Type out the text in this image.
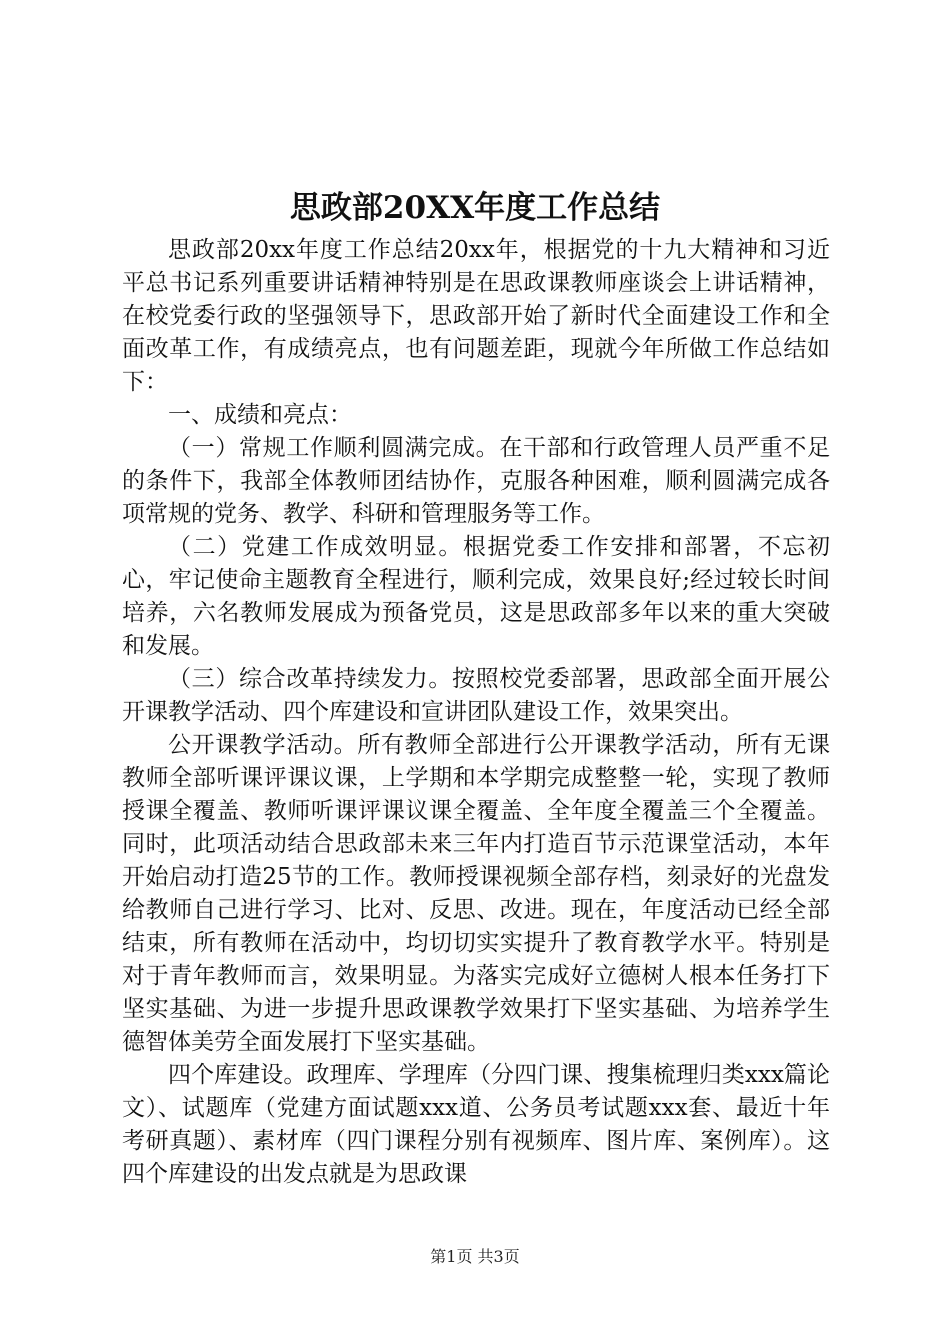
思政部20XX年度工作总结

思政部20xx年度工作总结20xx年，根据党的十九大精神和习近平总书记系列重要讲话精神特别是在思政课教师座谈会上讲话精神，在校党委行政的坚强领导下，思政部开始了新时代全面建设工作和全面改革工作，有成绩亮点，也有问题差距，现就今年所做工作总结如下：

一、成绩和亮点：

（一）常规工作顺利圆满完成。在干部和行政管理人员严重不足的条件下，我部全体教师团结协作，克服各种困难，顺利圆满完成各项常规的党务、教学、科研和管理服务等工作。

（二）党建工作成效明显。根据党委工作安排和部署，不忘初心，牢记使命主题教育全程进行，顺利完成，效果良好;经过较长时间培养，六名教师发展成为预备党员，这是思政部多年以来的重大突破和发展。

（三）综合改革持续发力。按照校党委部署，思政部全面开展公开课教学活动、四个库建设和宣讲团队建设工作，效果突出。

公开课教学活动。所有教师全部进行公开课教学活动，所有无课教师全部听课评课议课，上学期和本学期完成整整一轮，实现了教师授课全覆盖、教师听课评课议课全覆盖、全年度全覆盖三个全覆盖。同时，此项活动结合思政部未来三年内打造百节示范课堂活动，本年开始启动打造25节的工作。教师授课视频全部存档，刻录好的光盘发给教师自己进行学习、比对、反思、改进。现在，年度活动已经全部结束，所有教师在活动中，均切切实实提升了教育教学水平。特别是对于青年教师而言，效果明显。为落实完成好立德树人根本任务打下坚实基础、为进一步提升思政课教学效果打下坚实基础、为培养学生德智体美劳全面发展打下坚实基础。

四个库建设。政理库、学理库（分四门课、搜集梳理归类xxx篇论文）、试题库（党建方面试题xxx道、公务员考试题xxx套、最近十年考研真题）、素材库（四门课程分别有视频库、图片库、案例库）。这四个库建设的出发点就是为思政课

第1页 共3页
